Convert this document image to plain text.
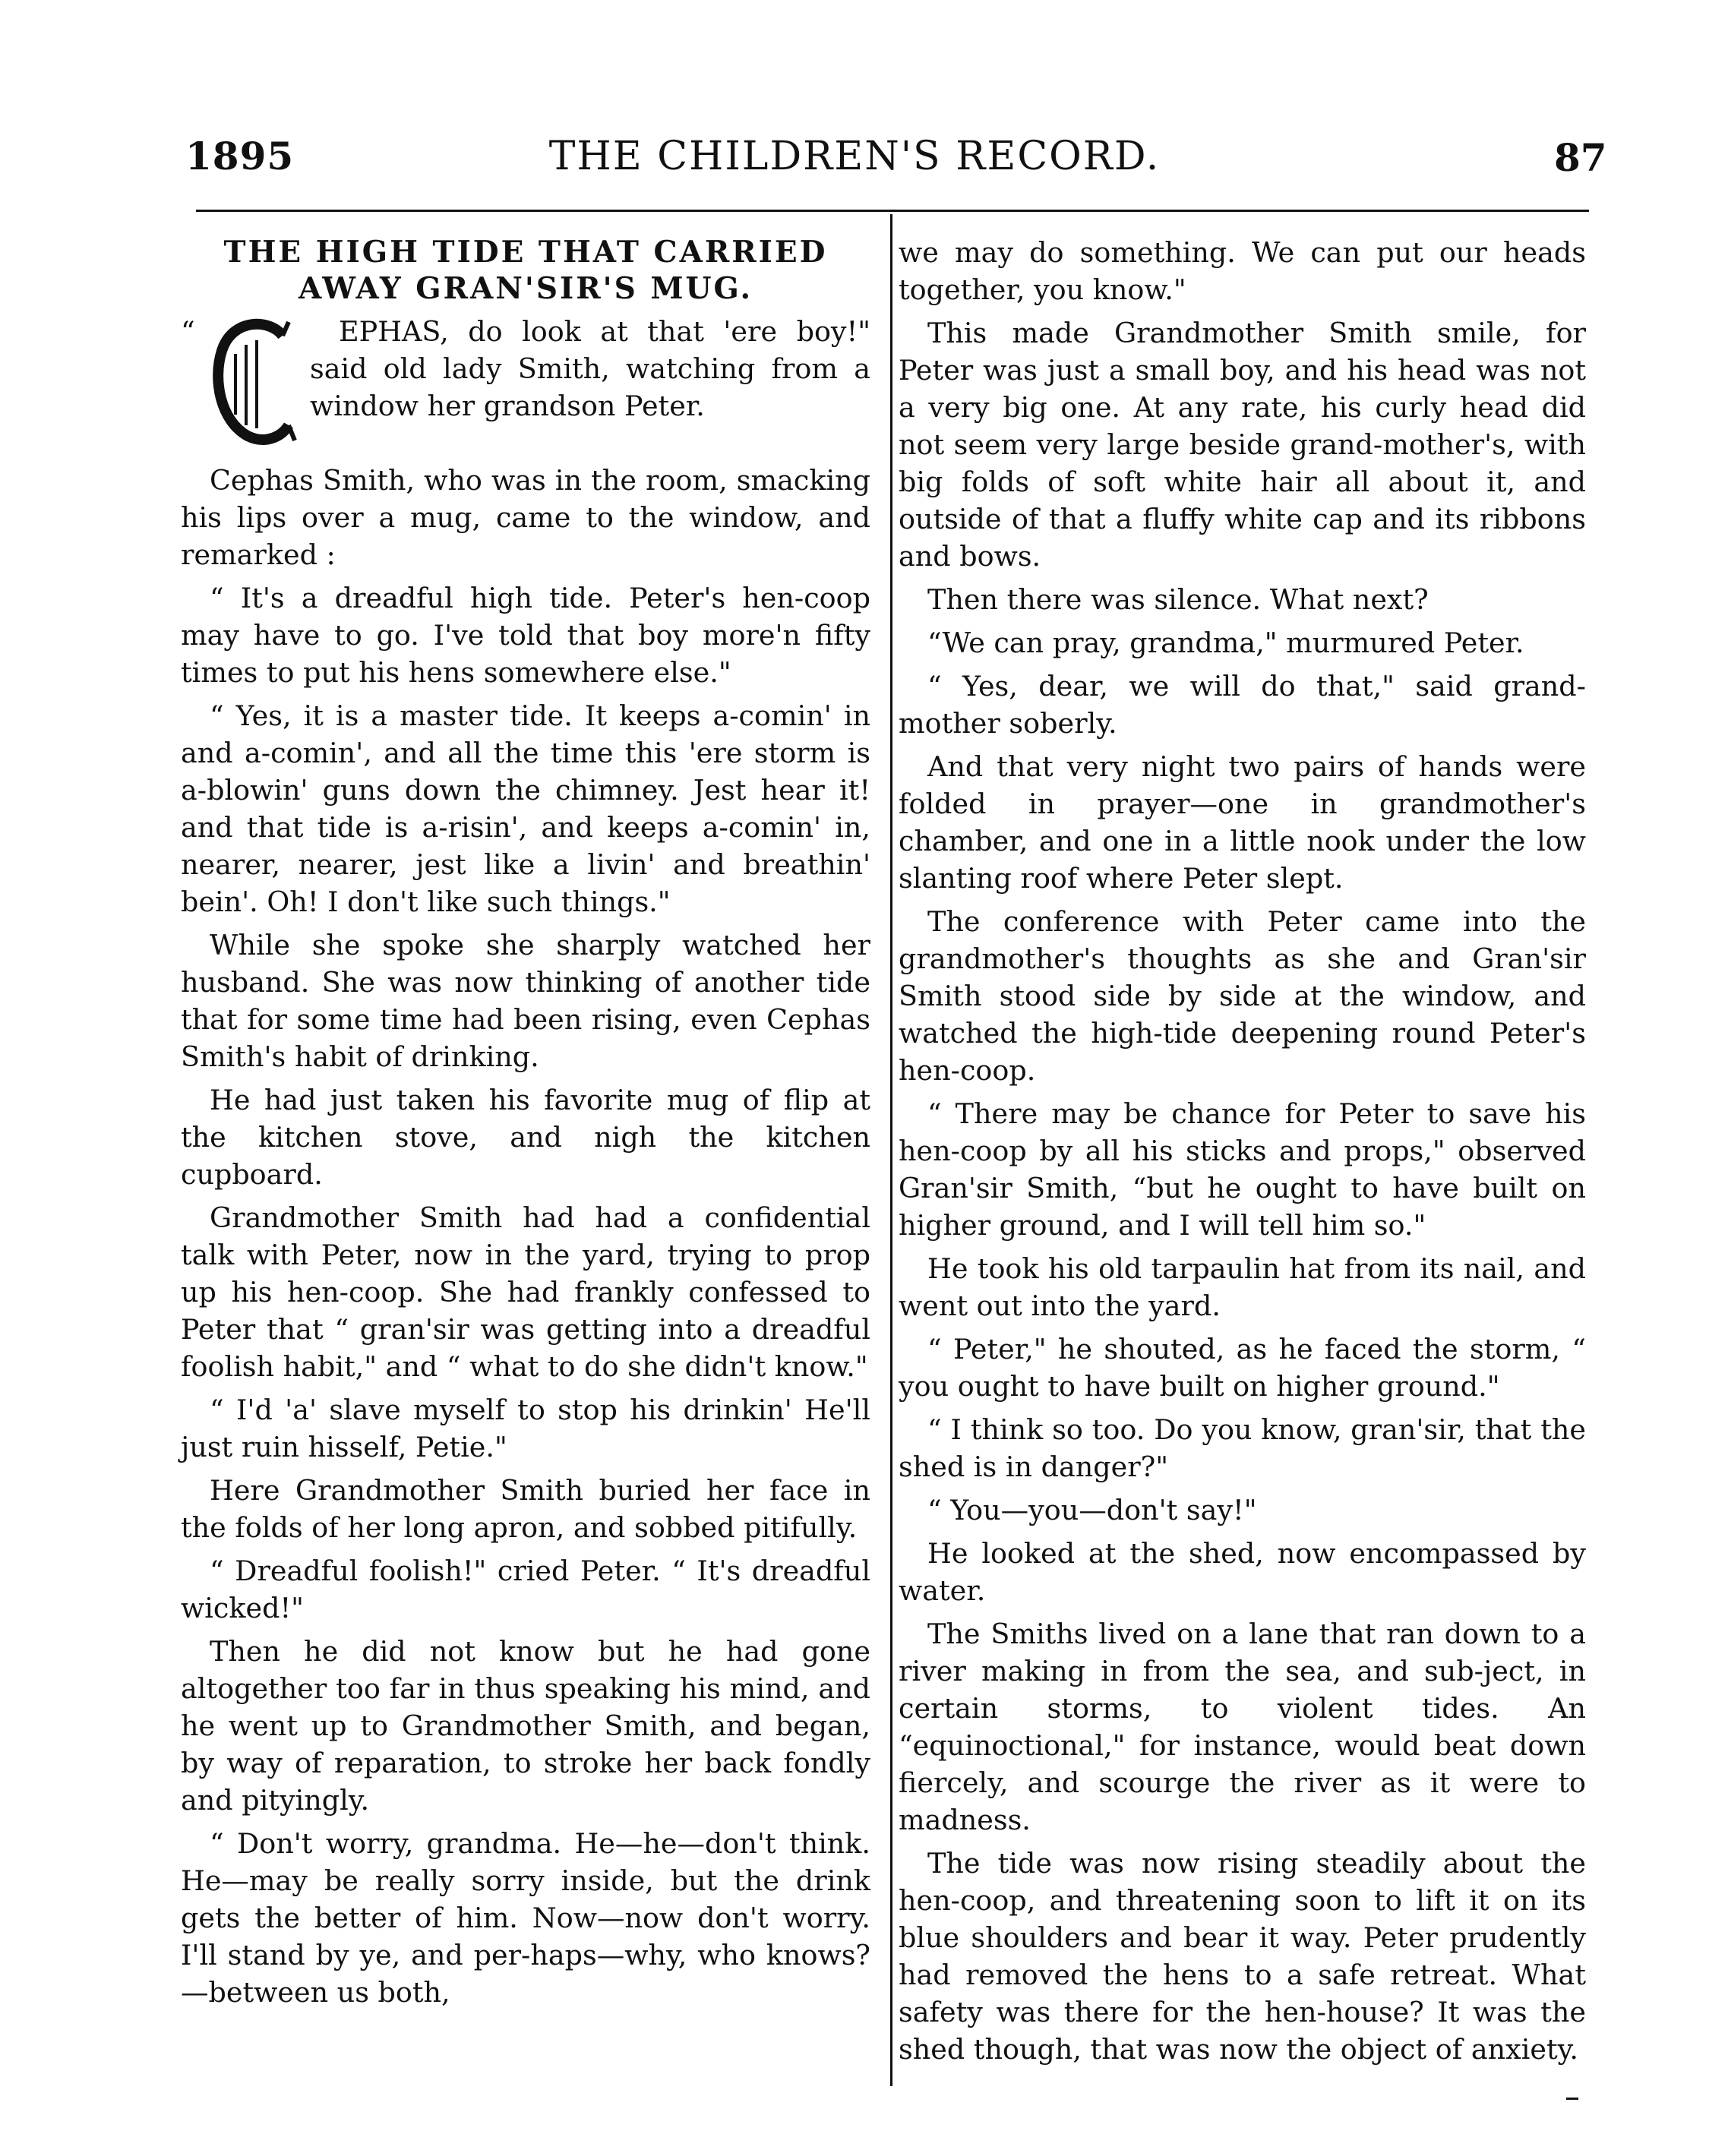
1895	THE CHILDREN'S RECORD.	87
THE HIGH TIDE THAT CARRIED
AWAY GRAN'SIR'S MUG.
“	EPHAS, do look at that 'ere boy!" said old lady Smith, watching from a window her grandson Peter.

Cephas Smith, who was in the room, smacking his lips over a mug, came to the window, and remarked :

“ It's a dreadful high tide. Peter's hen-coop may have to go. I've told that boy more'n fifty times to put his hens somewhere else."

“ Yes, it is a master tide. It keeps a-comin' in and a-comin', and all the time this 'ere storm is a-blowin' guns down the chimney. Jest hear it! and that tide is a-risin', and keeps a-comin' in, nearer, nearer, jest like a livin' and breathin' bein'. Oh! I don't like such things."

While she spoke she sharply watched her husband. She was now thinking of another tide that for some time had been rising, even Cephas Smith's habit of drinking.

He had just taken his favorite mug of flip at the kitchen stove, and nigh the kitchen cupboard.

Grandmother Smith had had a confidential talk with Peter, now in the yard, trying to prop up his hen-coop. She had frankly confessed to Peter that “ gran'sir was getting into a dreadful foolish habit," and “ what to do she didn't know."

“ I'd 'a' slave myself to stop his drinkin' He'll just ruin hisself, Petie."

Here Grandmother Smith buried her face in the folds of her long apron, and sobbed pitifully.

“ Dreadful foolish!" cried Peter. “ It's dreadful wicked!"

Then he did not know but he had gone altogether too far in thus speaking his mind, and he went up to Grandmother Smith, and began, by way of reparation, to stroke her back fondly and pityingly.

“ Don't worry, grandma. He—he—don't think. He—may be really sorry inside, but the drink gets the better of him. Now—now don't worry. I'll stand by ye, and per-haps—why, who knows?—between us both,

we may do something. We can put our heads together, you know."

This made Grandmother Smith smile, for Peter was just a small boy, and his head was not a very big one. At any rate, his curly head did not seem very large beside grand-mother's, with big folds of soft white hair all about it, and outside of that a fluffy white cap and its ribbons and bows.

Then there was silence. What next?

“We can pray, grandma," murmured Peter.

“ Yes, dear, we will do that," said grand-mother soberly.

And that very night two pairs of hands were folded in prayer—one in grandmother's chamber, and one in a little nook under the low slanting roof where Peter slept.

The conference with Peter came into the grandmother's thoughts as she and Gran'sir Smith stood side by side at the window, and watched the high-tide deepening round Peter's hen-coop.

“ There may be chance for Peter to save his hen-coop by all his sticks and props," observed Gran'sir Smith, “but he ought to have built on higher ground, and I will tell him so."

He took his old tarpaulin hat from its nail, and went out into the yard.

“ Peter," he shouted, as he faced the storm, “ you ought to have built on higher ground."

“ I think so too. Do you know, gran'sir, that the shed is in danger?"

“ You—you—don't say!"

He looked at the shed, now encompassed by water.

The Smiths lived on a lane that ran down to a river making in from the sea, and sub-ject, in certain storms, to violent tides. An “equinoctional," for instance, would beat down fiercely, and scourge the river as it were to madness.

The tide was now rising steadily about the hen-coop, and threatening soon to lift it on its blue shoulders and bear it way. Peter prudently had removed the hens to a safe retreat. What safety was there for the hen-house? It was the shed though, that was now the object of anxiety.
